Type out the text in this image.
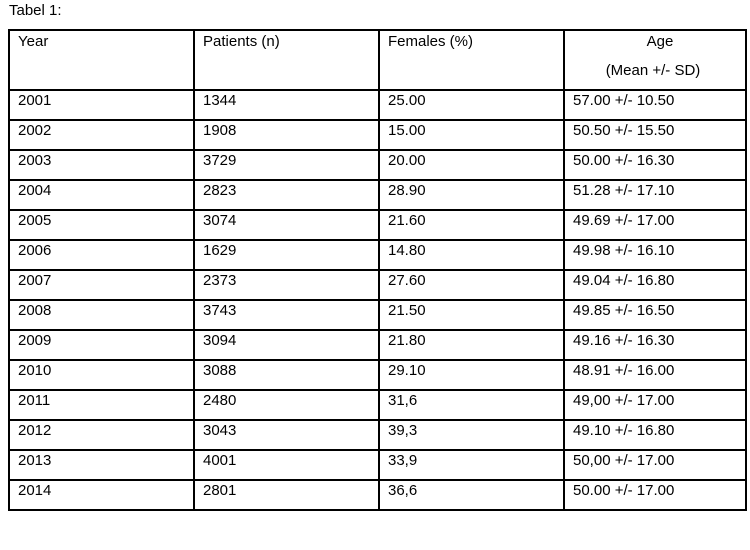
Tabel 1:
Year	Patients (n)	Females (%)	Age
(Mean +/- SD)

2001	1344	25.00	57.00 +/- 10.50
2002	1908	15.00	50.50 +/- 15.50
2003	3729	20.00	50.00 +/- 16.30
2004	2823	28.90	51.28 +/- 17.10
2005	3074	21.60	49.69 +/- 17.00
2006	1629	14.80	49.98 +/- 16.10
2007	2373	27.60	49.04 +/- 16.80
2008	3743	21.50	49.85 +/- 16.50
2009	3094	21.80	49.16 +/- 16.30
2010	3088	29.10	48.91 +/- 16.00
2011	2480	31,6	49,00 +/- 17.00
2012	3043	39,3	49.10 +/- 16.80
2013	4001	33,9	50,00 +/- 17.00
2014	2801	36,6	50.00 +/- 17.00
